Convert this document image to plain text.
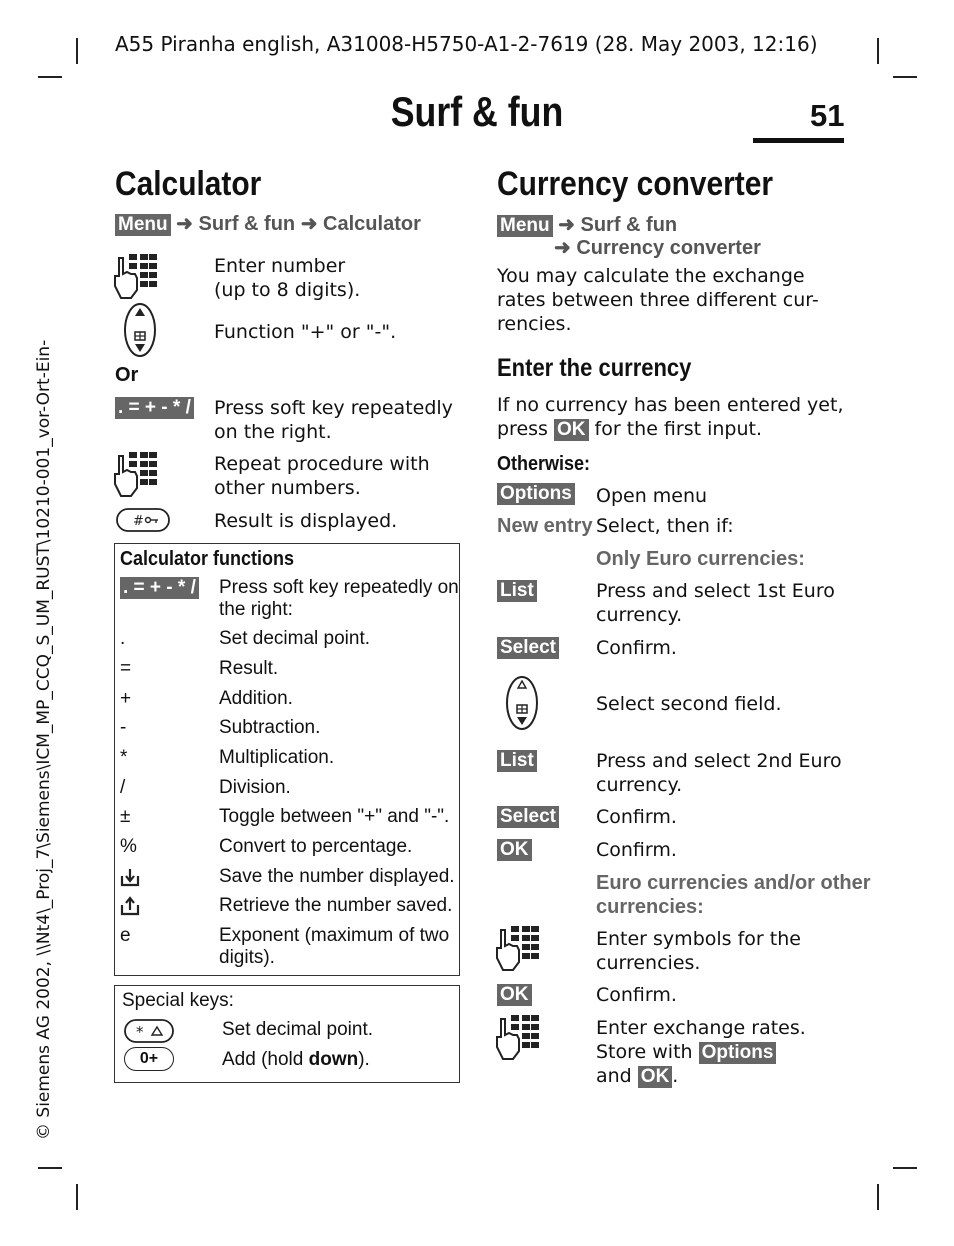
A55 Piranha english, A31008-H5750-A1-2-7619 (28. May 2003, 12:16)
Surf & fun	51
© Siemens AG 2002, \\Nt4\_Proj_7\Siemens\ICM_MP_CCQ_S_UM_RUST\10210-001_vor-Ort-Ein-
Calculator
Menu ➜ Surf & fun ➜ Calculator
Enter number
(up to 8 digits).
Function "+" or "-".
Or
. = + - * / Press soft key repeatedly
on the right.
Repeat procedure with
other numbers.
#	Result is displayed.
Calculator functions
. = + - * / Press soft key repeatedly on
the right:
.	Set decimal point.
=	Result.
+	Addition.
-	Subtraction.
*	Multiplication.
/	Division.
±	Toggle between "+" and "-".
%	Convert to percentage.
Save the number displayed.
Retrieve the number saved.
e	Exponent (maximum of two
digits).
Special keys:
*	Set decimal point.
0+	Add (hold down).
Currency converter
Menu ➜ Surf & fun
➜ Currency converter
You may calculate the exchange
rates between three different cur-
rencies.
Enter the currency
If no currency has been entered yet,
press OK for the first input.
Otherwise:
Options Open menu
New entry Select, then if:
Only Euro currencies:
List	Press and select 1st Euro
currency.
Select Confirm.
Select second field.
List	Press and select 2nd Euro
currency.
Select Confirm.
OK	Confirm.
Euro currencies and/or other
currencies:
Enter symbols for the
currencies.
OK	Confirm.
Enter exchange rates.
Store with Options
and OK .
